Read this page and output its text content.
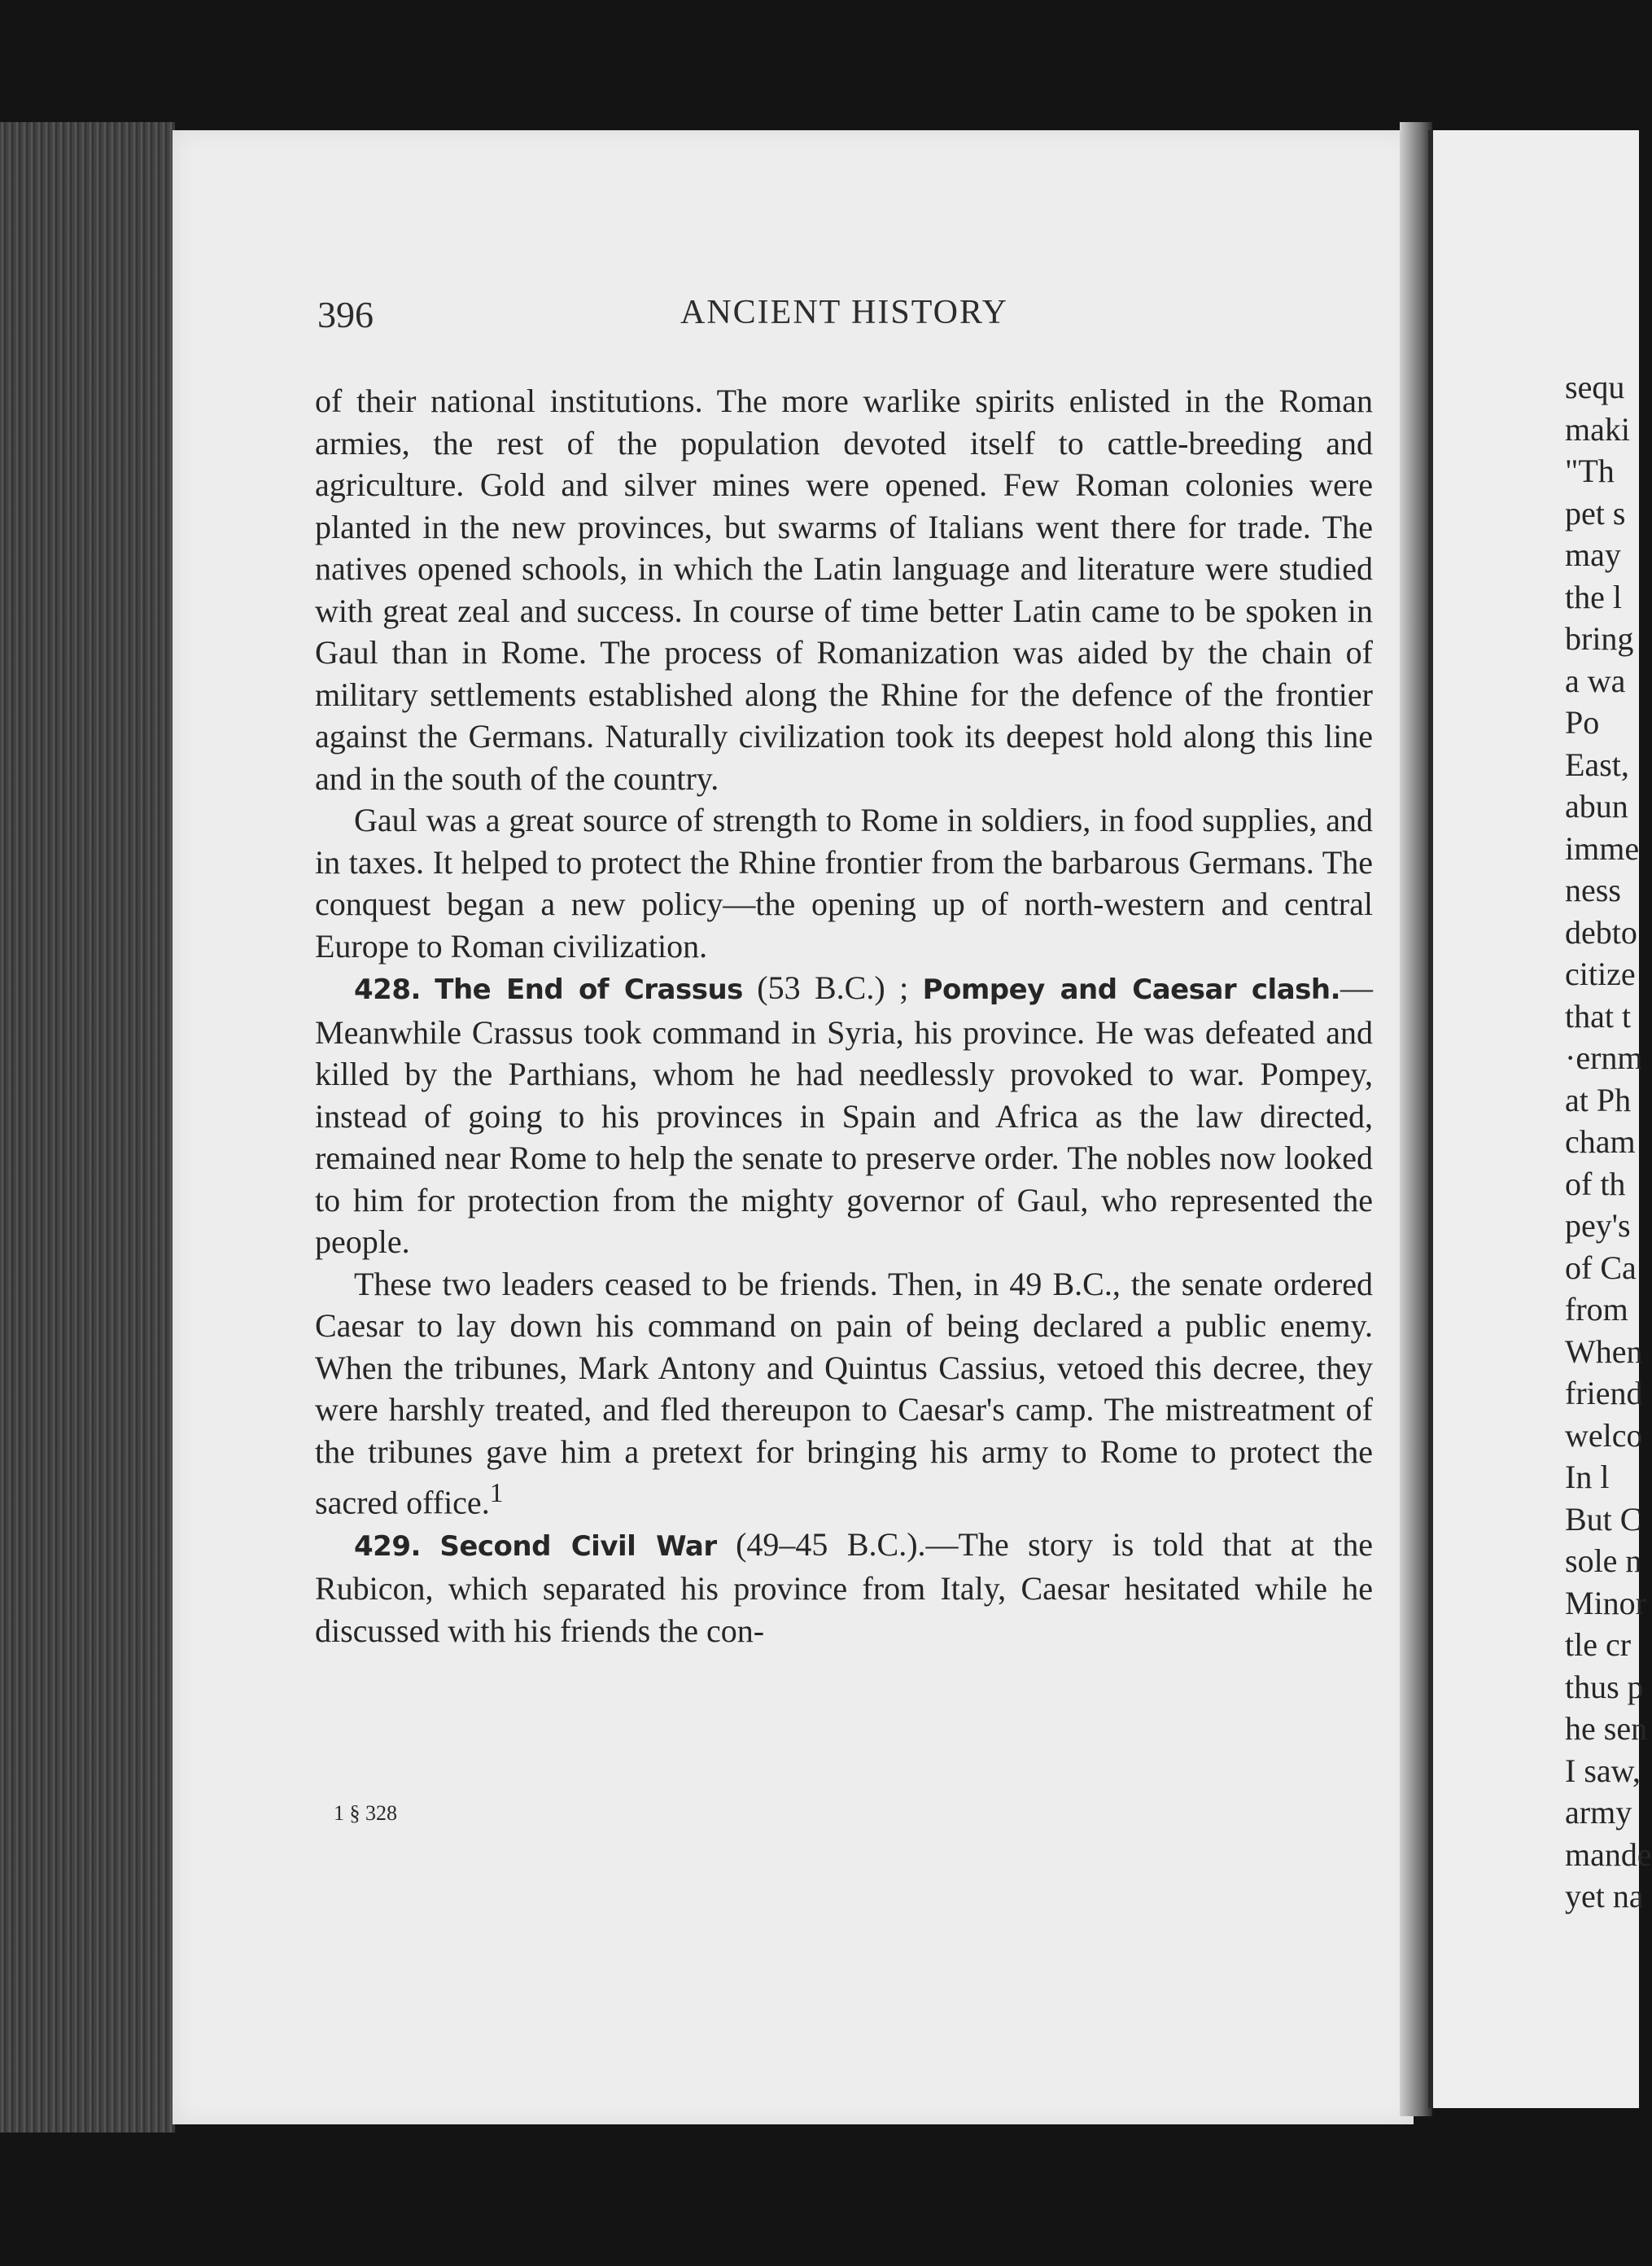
396	ANCIENT HISTORY

of their national institutions. The more warlike spirits enlisted in the Roman armies, the rest of the population devoted itself to cattle-breeding and agriculture. Gold and silver mines were opened. Few Roman colonies were planted in the new provinces, but swarms of Italians went there for trade. The natives opened schools, in which the Latin language and literature were studied with great zeal and success. In course of time better Latin came to be spoken in Gaul than in Rome. The process of Romanization was aided by the chain of military settlements established along the Rhine for the defence of the frontier against the Germans. Naturally civilization took its deepest hold along this line and in the south of the country.

Gaul was a great source of strength to Rome in soldiers, in food supplies, and in taxes. It helped to protect the Rhine frontier from the barbarous Germans. The conquest began a new policy—the opening up of north-western and central Europe to Roman civilization.

428. The End of Crassus (53 B.C.) ; Pompey and Caesar clash.—Meanwhile Crassus took command in Syria, his province. He was defeated and killed by the Parthians, whom he had needlessly provoked to war. Pompey, instead of going to his provinces in Spain and Africa as the law directed, remained near Rome to help the senate to preserve order. The nobles now looked to him for protection from the mighty governor of Gaul, who represented the people.

These two leaders ceased to be friends. Then, in 49 B.C., the senate ordered Caesar to lay down his command on pain of being declared a public enemy. When the tribunes, Mark Antony and Quintus Cassius, vetoed this decree, they were harshly treated, and fled thereupon to Caesar's camp. The mistreatment of the tribunes gave him a pretext for bringing his army to Rome to protect the sacred office.$^1$

429. Second Civil War (49–45 B.C.).—The story is told that at the Rubicon, which separated his province from Italy, Caesar hesitated while he discussed with his friends the con-

1 § 328
sequ
maki
"Th
pet s
may
the l
bring
a wa
Po
East,
abun
imme
ness
debto
citize
that t
·ernm
at Ph
cham
of th
pey's
of Ca
from
When
friend
welco
In l
But C
sole n
Minor
tle cr
thus p
he sen
I saw,
army
mande
yet na
